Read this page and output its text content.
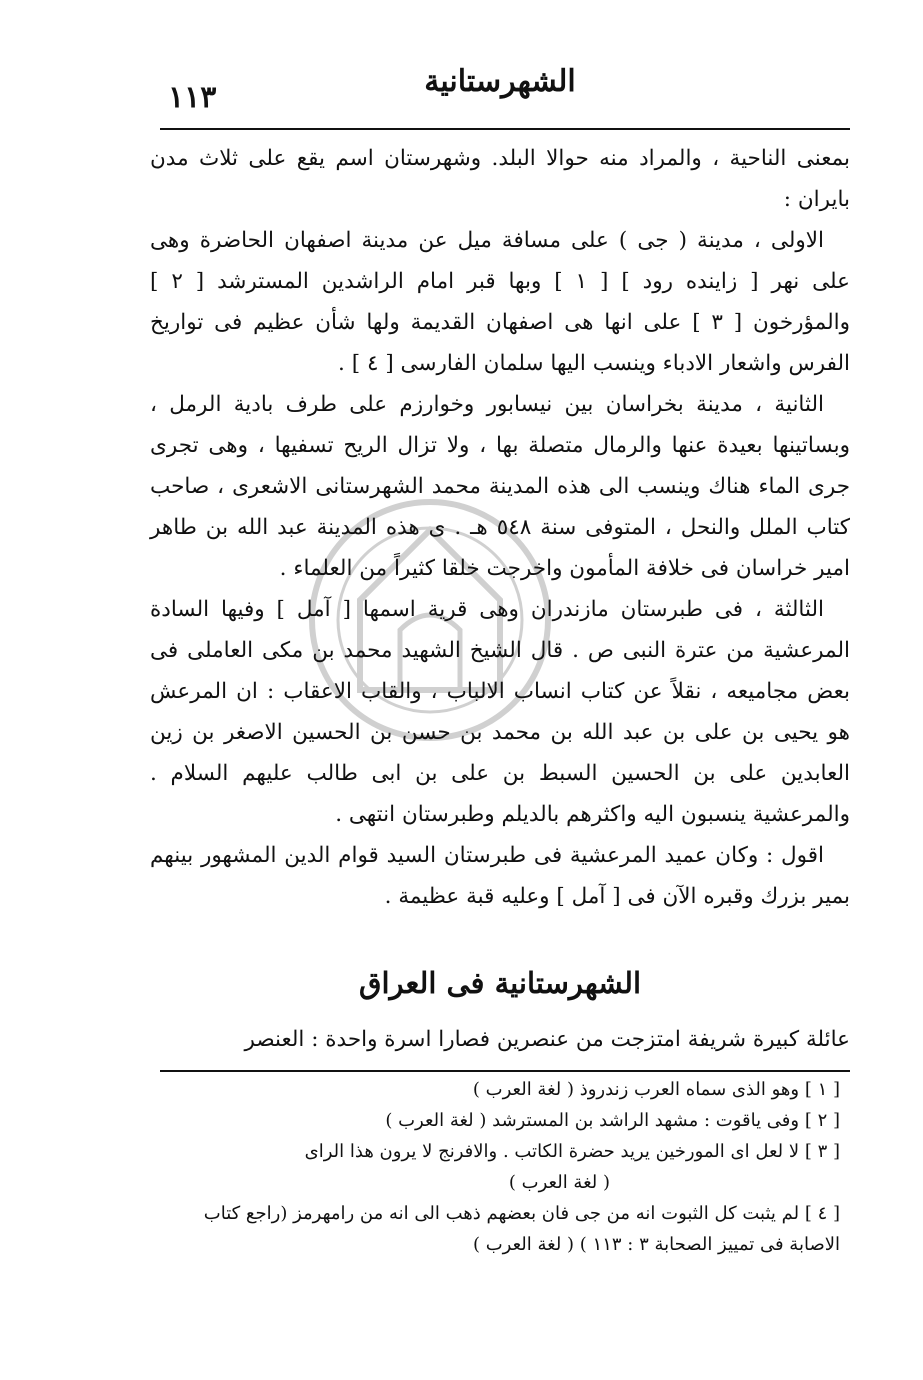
الشهرستانية
١١٣

بمعنى الناحية ، والمراد منه حوالا البلد. وشهرستان اسم يقع على ثلاث مدن بايران :

الاولى ، مدينة ( جى ) على مسافة ميل عن مدينة اصفهان الحاضرة وهى على نهر [ زاينده رود ] [ ١ ] وبها قبر امام الراشدين المسترشد [ ٢ ] والمؤرخون [ ٣ ] على انها هى اصفهان القديمة ولها شأن عظيم فى تواريخ الفرس واشعار الادباء وينسب اليها سلمان الفارسى [ ٤ ] .

الثانية ، مدينة بخراسان بين نيسابور وخوارزم على طرف بادية الرمل ، وبساتينها بعيدة عنها والرمال متصلة بها ، ولا تزال الريح تسفيها ، وهى تجرى جرى الماء هناك وينسب الى هذه المدينة محمد الشهرستانى الاشعرى ، صاحب كتاب الملل والنحل ، المتوفى سنة ٥٤٨ هـ . ى هذه المدينة عبد الله بن طاهر امير خراسان فى خلافة المأمون واخرجت خلقا كثيراً من العلماء .

الثالثة ، فى طبرستان مازندران وهى قرية اسمها [ آمل ] وفيها السادة المرعشية من عترة النبى ص . قال الشيخ الشهيد محمد بن مكى العاملى فى بعض مجاميعه ، نقلاً عن كتاب انساب الالباب ، والقاب الاعقاب : ان المرعش هو يحيى بن على بن عبد الله بن محمد بن حسن بن الحسين الاصغر بن زين العابدين على بن الحسين السبط بن على بن ابى طالب عليهم السلام . والمرعشية ينسبون اليه واكثرهم بالديلم وطبرستان انتهى .

اقول : وكان عميد المرعشية فى طبرستان السيد قوام الدين المشهور بينهم بمير بزرك وقبره الآن فى [ آمل ] وعليه قبة عظيمة .

الشهرستانية فى العراق
عائلة كبيرة شريفة امتزجت من عنصرين فصارا اسرة واحدة : العنصر

[ ١ ] وهو الذى سماه العرب زندروذ ( لغة العرب )

[ ٢ ] وفى ياقوت : مشهد الراشد بن المسترشد ( لغة العرب )

[ ٣ ] لا لعل اى المورخين يريد حضرة الكاتب . والافرنج لا يرون هذا الراى

( لغة العرب )

[ ٤ ] لم يثبت كل الثبوت انه من جى فان بعضهم ذهب الى انه من رامهرمز (راجع كتاب الاصابة فى تمييز الصحابة ٣ : ١١٣ ) ( لغة العرب )
